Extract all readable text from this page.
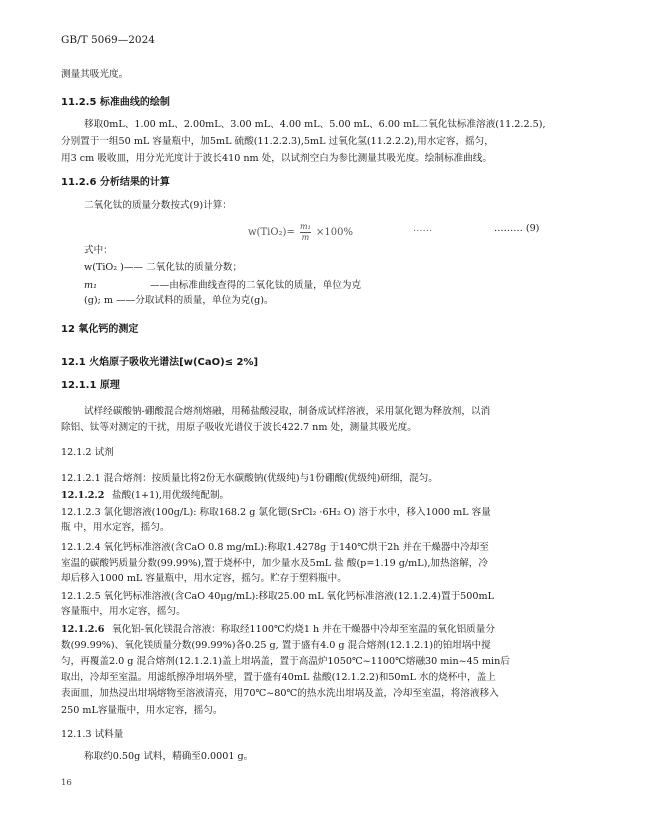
GB/T 5069—2024
测量其吸光度。
11.2.5 标准曲线的绘制
移取0mL、1.00 mL、2.00mL、3.00 mL、4.00 mL、5.00 mL、6.00 mL二氧化钛标准溶液(11.2.2.5),
分别置于一组50 mL 容量瓶中，加5mL 硫酸(11.2.2.3),5mL 过氧化氢(11.2.2.2),用水定容，摇匀，
用3 cm 吸收皿，用分光光度计于波长410 nm 处，以试剂空白为参比测量其吸光度。绘制标准曲线。
11.2.6 分析结果的计算
二氧化钛的质量分数按式(9)计算：
$w(TiO_2)= \frac{\text{m₁}}{m} \times 100\%$	……	……… (9)
式中：
w(TiO₂ )—— 二氧化钛的质量分数；
m₁	——由标准曲线查得的二氧化钛的质量，单位为克
(g); m ——分取试料的质量，单位为克(g)。
12 氧化钙的测定
12.1 火焰原子吸收光谱法[w(CaO)≤ 2%]
12.1.1 原理
试样经碳酸钠-硼酸混合熔剂熔融，用稀盐酸浸取，制备成试样溶液，采用氯化锶为释放剂，以消
除铝、钛等对测定的干扰，用原子吸收光谱仪于波长422.7 nm 处，测量其吸光度。
12.1.2 试剂
12.1.2.1 混合熔剂：按质量比将2份无水碳酸钠(优级纯)与1份硼酸(优级纯)研细，混匀。
12.1.2.2 盐酸(1+1),用优级纯配制。
12.1.2.3 氯化锶溶液(100g/L): 称取168.2 g 氯化锶(SrCl₂ ·6H₂ O) 溶于水中，移入1000 mL 容量
瓶 中，用水定容，摇匀。
12.1.2.4 氧化钙标准溶液(含CaO 0.8 mg/mL):称取1.4278g 于140℃烘干2h 并在干燥器中冷却至
室温的碳酸钙质量分数(99.99%),置于烧杯中，加少量水及5mL 盐 酸(p=1.19 g/mL),加热溶解，冷
却后移入1000 mL 容量瓶中，用水定容，摇匀。贮存于塑料瓶中。
12.1.2.5 氧化钙标准溶液(含CaO 40μg/mL):移取25.00 mL 氧化钙标准溶液(12.1.2.4)置于500mL
容量瓶中，用水定容，摇匀。
12.1.2.6 氧化铝-氧化镁混合溶液：称取经1100℃灼烧1 h 并在干燥器中冷却至室温的氧化铝质量分
数(99.99%)、氧化镁质量分数(99.99%)各0.25 g, 置于盛有4.0 g 混合熔剂(12.1.2.1)的铂坩埚中搅
匀，再覆盖2.0 g 混合熔剂(12.1.2.1)盖上坩埚盖，置于高温炉1050℃~1100℃熔融30 min~45 min后
取出，冷却至室温。用滤纸擦净坩埚外壁，置于盛有40mL 盐酸(12.1.2.2)和50mL 水的烧杯中，盖上
表面皿，加热浸出坩埚熔物至溶液清亮，用70℃~80℃的热水洗出坩埚及盖，冷却至室温，将溶液移入
250 mL容量瓶中，用水定容，摇匀。
12.1.3 试料量
称取约0.50g 试料，精确至0.0001 g。
16
